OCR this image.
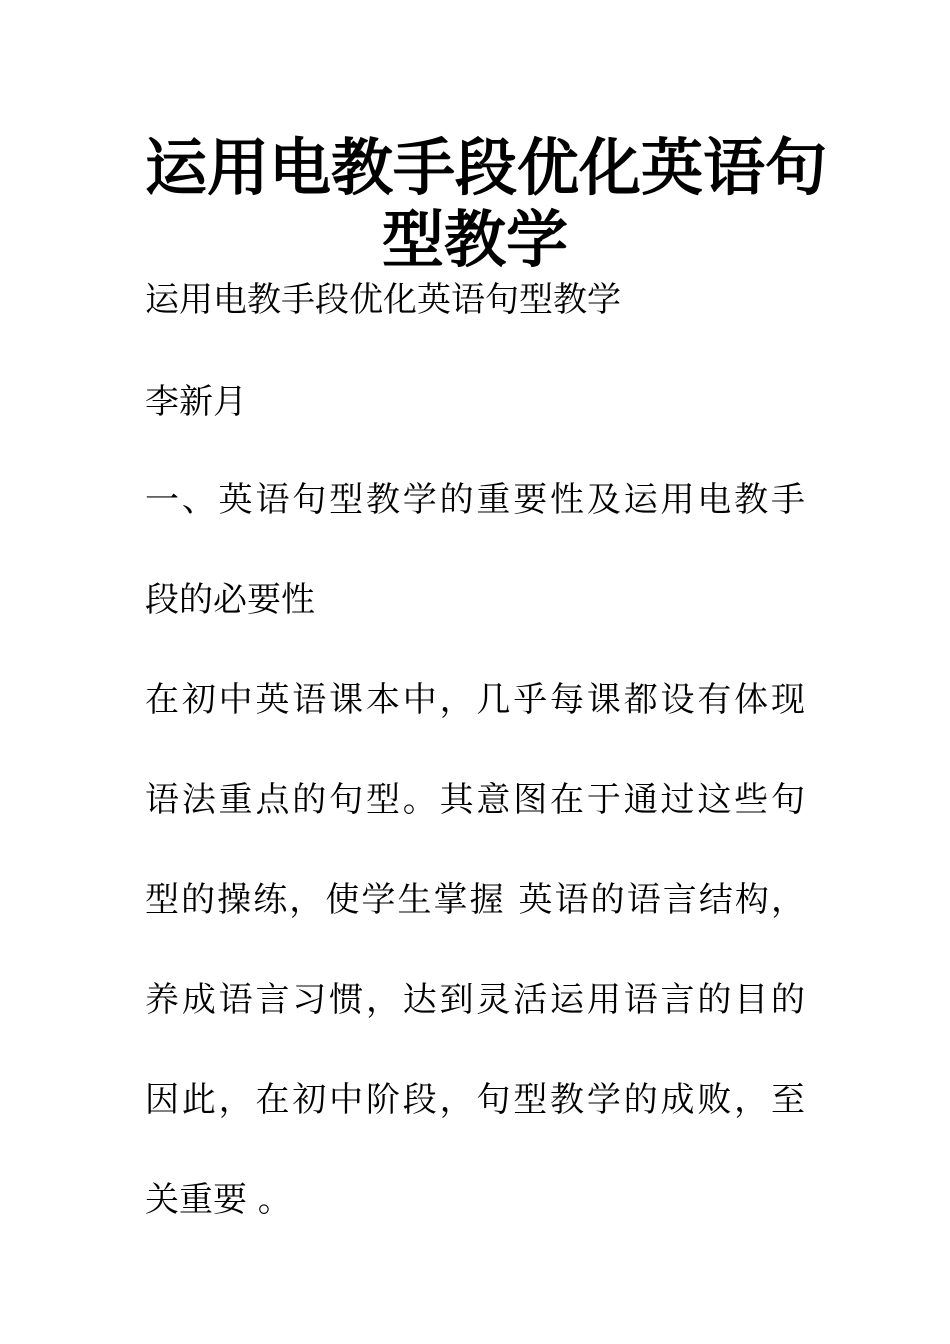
运用电教手段优化英语句
型教学

运用电教手段优化英语句型教学

李新月

一、英语句型教学的重要性及运用电教手

段的必要性

在初中英语课本中，几乎每课都设有体现

语法重点的句型。其意图在于通过这些句

型的操练，使学生掌握 英语的语言结构，

养成语言习惯，达到灵活运用语言的目的

因此，在初中阶段，句型教学的成败，至

关重要 。
